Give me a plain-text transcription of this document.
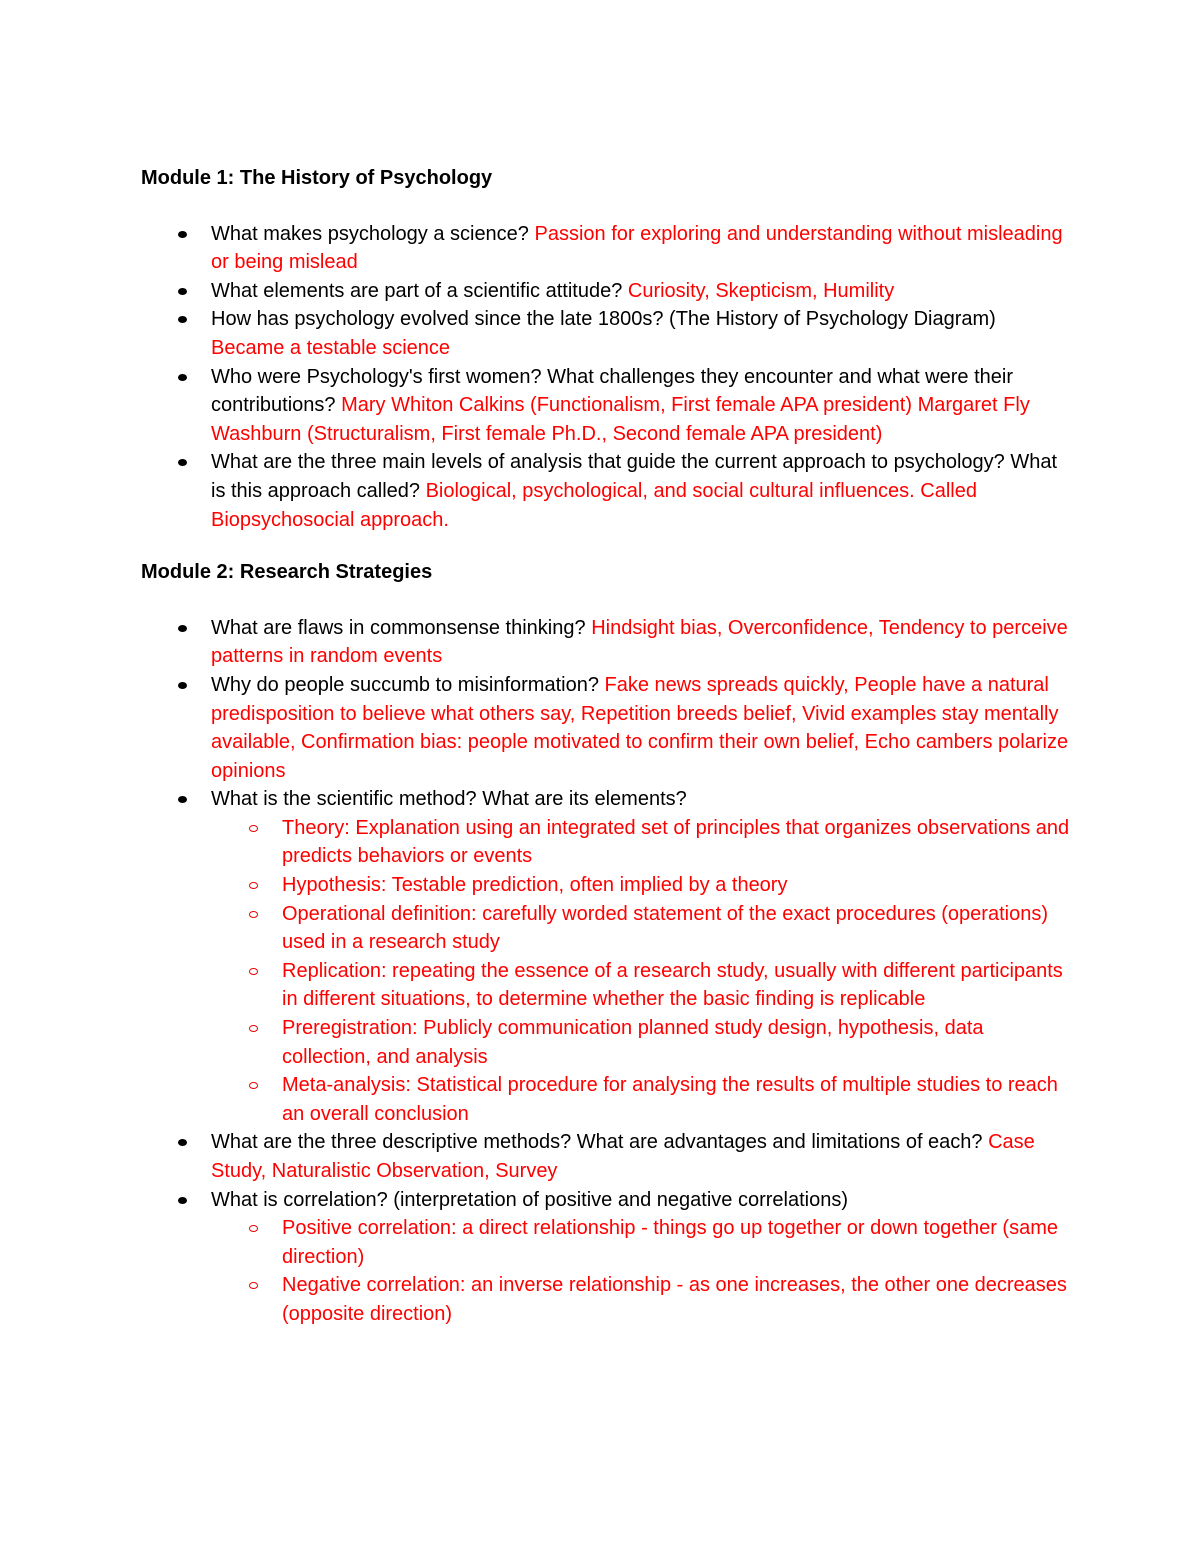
Module 1: The History of Psychology
What makes psychology a science? Passion for exploring and understanding without misleading or being mislead
What elements are part of a scientific attitude? Curiosity, Skepticism, Humility
How has psychology evolved since the late 1800s? (The History of Psychology Diagram) Became a testable science
Who were Psychology's first women? What challenges they encounter and what were their contributions? Mary Whiton Calkins (Functionalism, First female APA president) Margaret Fly Washburn (Structuralism, First female Ph.D., Second female APA president)
What are the three main levels of analysis that guide the current approach to psychology? What is this approach called? Biological, psychological, and social cultural influences. Called Biopsychosocial approach.
Module 2: Research Strategies
What are flaws in commonsense thinking? Hindsight bias, Overconfidence, Tendency to perceive patterns in random events
Why do people succumb to misinformation? Fake news spreads quickly, People have a natural predisposition to believe what others say, Repetition breeds belief, Vivid examples stay mentally available, Confirmation bias: people motivated to confirm their own belief, Echo cambers polarize opinions
What is the scientific method? What are its elements?
Theory: Explanation using an integrated set of principles that organizes observations and predicts behaviors or events
Hypothesis: Testable prediction, often implied by a theory
Operational definition: carefully worded statement of the exact procedures (operations) used in a research study
Replication: repeating the essence of a research study, usually with different participants in different situations, to determine whether the basic finding is replicable
Preregistration: Publicly communication planned study design, hypothesis, data collection, and analysis
Meta-analysis: Statistical procedure for analysing the results of multiple studies to reach an overall conclusion
What are the three descriptive methods? What are advantages and limitations of each? Case Study, Naturalistic Observation, Survey
What is correlation? (interpretation of positive and negative correlations)
Positive correlation: a direct relationship - things go up together or down together (same direction)
Negative correlation: an inverse relationship - as one increases, the other one decreases (opposite direction)
